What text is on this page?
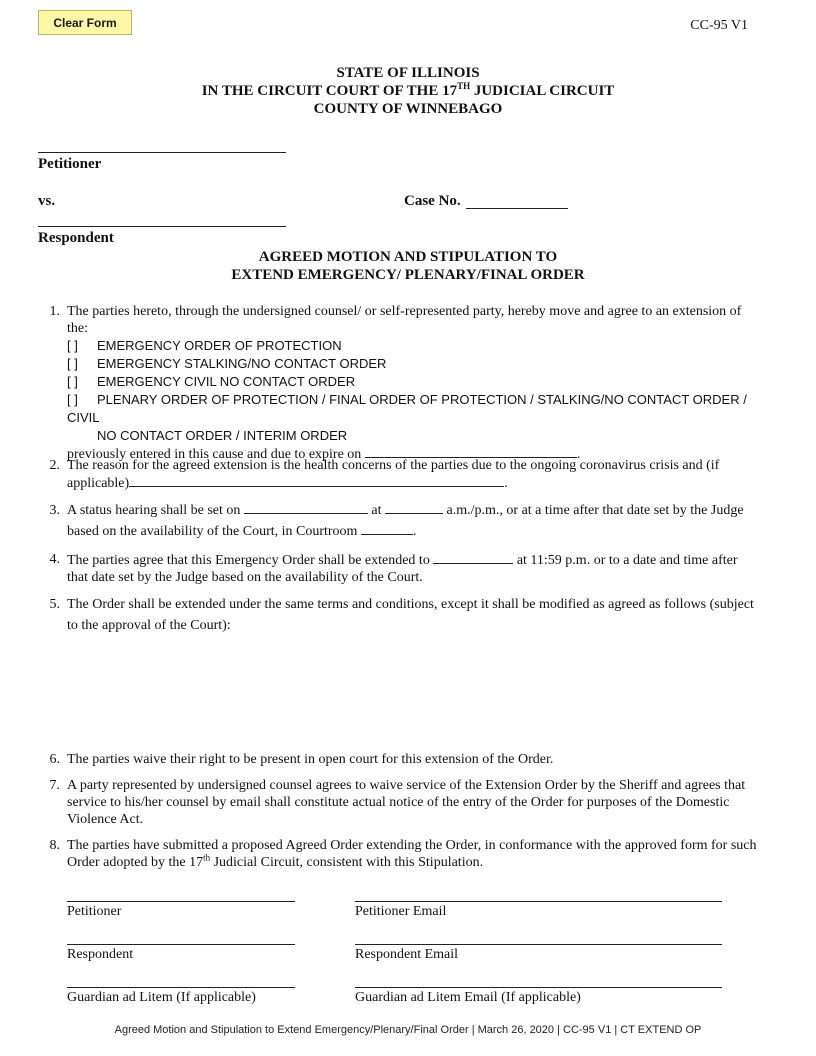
Clear Form	CC-95 V1
STATE OF ILLINOIS
IN THE CIRCUIT COURT OF THE 17TH JUDICIAL CIRCUIT
COUNTY OF WINNEBAGO
Petitioner
vs.	Case No.
Respondent
AGREED MOTION AND STIPULATION TO
EXTEND EMERGENCY/ PLENARY/FINAL ORDER
1. The parties hereto, through the undersigned counsel/ or self-represented party, hereby move and agree to an extension of the:
[ ] EMERGENCY ORDER OF PROTECTION
[ ] EMERGENCY STALKING/NO CONTACT ORDER
[ ] EMERGENCY CIVIL NO CONTACT ORDER
[ ] PLENARY ORDER OF PROTECTION / FINAL ORDER OF PROTECTION / STALKING/NO CONTACT ORDER / CIVIL
NO CONTACT ORDER / INTERIM ORDER
previously entered in this cause and due to expire on	.
2. The reason for the agreed extension is the health concerns of the parties due to the ongoing coronavirus crisis and (if applicable)	.
3. A status hearing shall be set on	at	a.m./p.m., or at a time after that date set by the Judge based on the availability of the Court, in Courtroom	.
4. The parties agree that this Emergency Order shall be extended to	at 11:59 p.m. or to a date and time after that date set by the Judge based on the availability of the Court.
5. The Order shall be extended under the same terms and conditions, except it shall be modified as agreed as follows (subject to the approval of the Court):
6. The parties waive their right to be present in open court for this extension of the Order.
7. A party represented by undersigned counsel agrees to waive service of the Extension Order by the Sheriff and agrees that service to his/her counsel by email shall constitute actual notice of the entry of the Order for purposes of the Domestic Violence Act.
8. The parties have submitted a proposed Agreed Order extending the Order, in conformance with the approved form for such Order adopted by the 17th Judicial Circuit, consistent with this Stipulation.
Petitioner	Petitioner Email
Respondent	Respondent Email
Guardian ad Litem (If applicable)	Guardian ad Litem Email (If applicable)
Agreed Motion and Stipulation to Extend Emergency/Plenary/Final Order | March 26, 2020 | CC-95 V1 | CT EXTEND OP
